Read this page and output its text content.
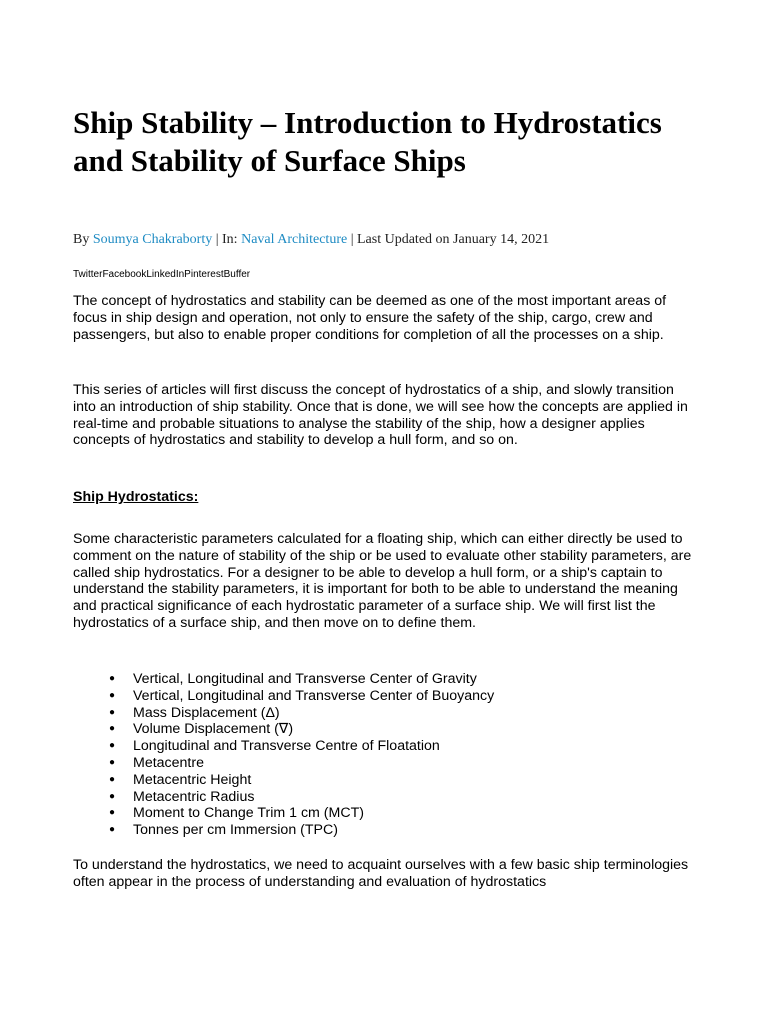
Ship Stability – Introduction to Hydrostatics and Stability of Surface Ships
By Soumya Chakraborty | In: Naval Architecture | Last Updated on January 14, 2021
TwitterFacebookLinkedInPinterestBuffer

The concept of hydrostatics and stability can be deemed as one of the most important areas of focus in ship design and operation, not only to ensure the safety of the ship, cargo, crew and passengers, but also to enable proper conditions for completion of all the processes on a ship.

This series of articles will first discuss the concept of hydrostatics of a ship, and slowly transition into an introduction of ship stability. Once that is done, we will see how the concepts are applied in real-time and probable situations to analyse the stability of the ship, how a designer applies concepts of hydrostatics and stability to develop a hull form, and so on.

Ship Hydrostatics:

Some characteristic parameters calculated for a floating ship, which can either directly be used to comment on the nature of stability of the ship or be used to evaluate other stability parameters, are called ship hydrostatics. For a designer to be able to develop a hull form, or a ship's captain to understand the stability parameters, it is important for both to be able to understand the meaning and practical significance of each hydrostatic parameter of a surface ship. We will first list the hydrostatics of a surface ship, and then move on to define them.

● Vertical, Longitudinal and Transverse Center of Gravity
● Vertical, Longitudinal and Transverse Center of Buoyancy
● Mass Displacement (Δ)
● Volume Displacement (∇)
● Longitudinal and Transverse Centre of Floatation
● Metacentre
● Metacentric Height
● Metacentric Radius
● Moment to Change Trim 1 cm (MCT)
● Tonnes per cm Immersion (TPC)

To understand the hydrostatics, we need to acquaint ourselves with a few basic ship terminologies often appear in the process of understanding and evaluation of hydrostatics
